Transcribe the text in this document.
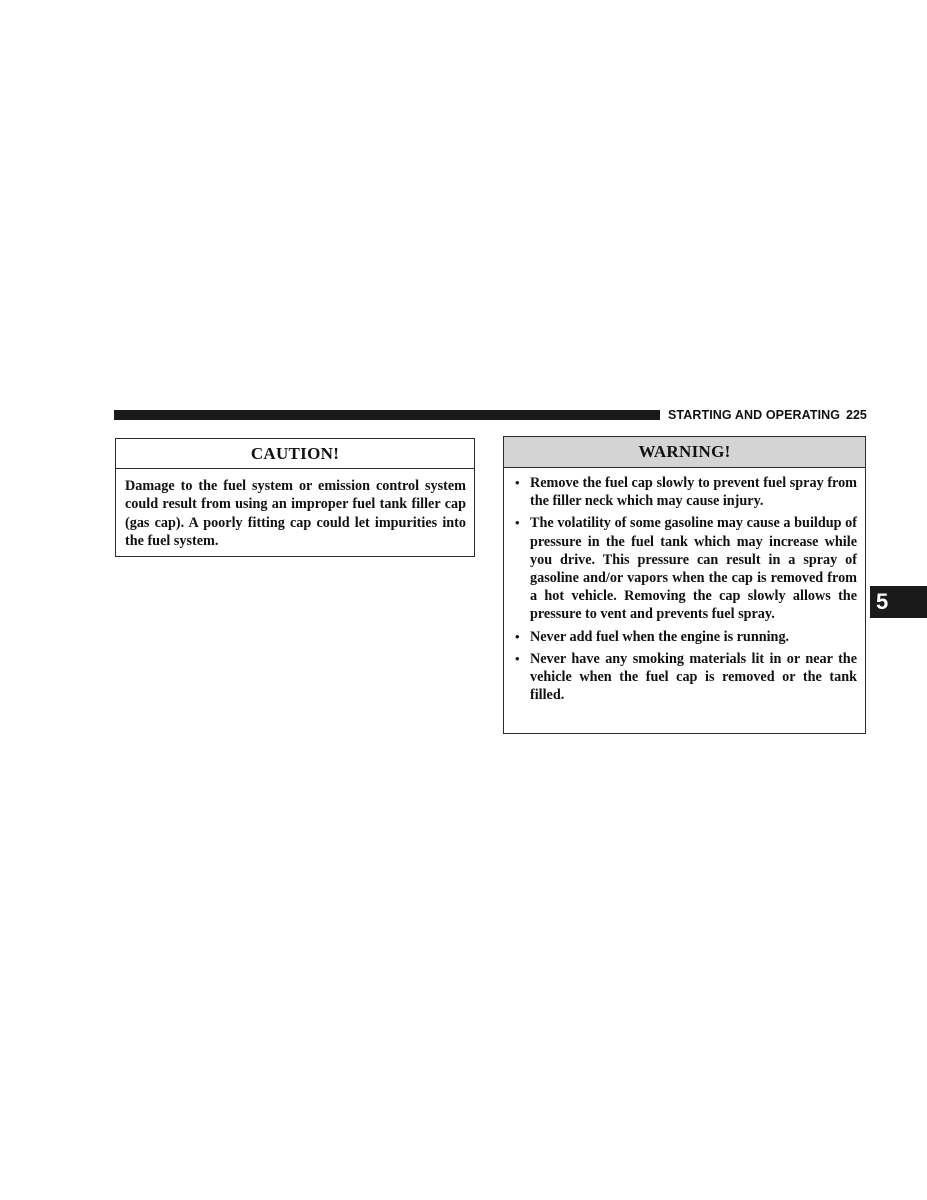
STARTING AND OPERATING 225
CAUTION!
Damage to the fuel system or emission control system could result from using an improper fuel tank filler cap (gas cap). A poorly fitting cap could let impurities into the fuel system.
WARNING!
• Remove the fuel cap slowly to prevent fuel spray from the filler neck which may cause injury.
• The volatility of some gasoline may cause a buildup of pressure in the fuel tank which may increase while you drive. This pressure can result in a spray of gasoline and/or vapors when the cap is removed from a hot vehicle. Removing the cap slowly allows the pressure to vent and prevents fuel spray.
• Never add fuel when the engine is running.
• Never have any smoking materials lit in or near the vehicle when the fuel cap is removed or the tank filled.
5
